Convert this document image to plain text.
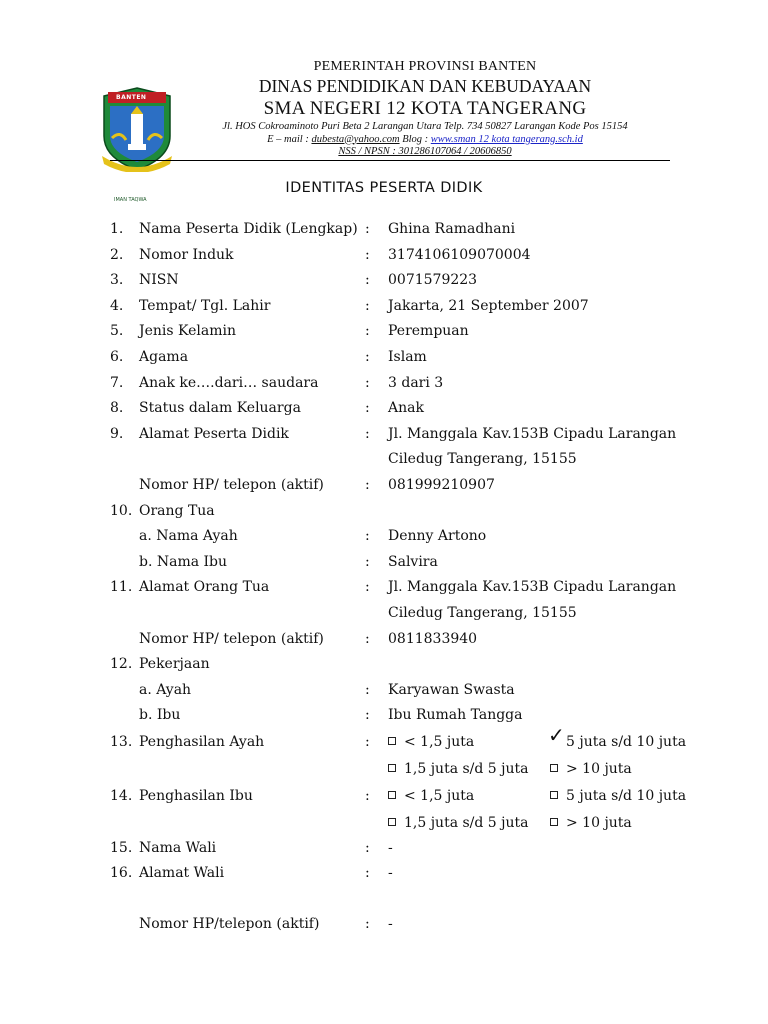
BANTEN
IMAN TAQWA
PEMERINTAH PROVINSI BANTEN
DINAS PENDIDIKAN DAN KEBUDAYAAN
SMA NEGERI 12 KOTA TANGERANG
Jl. HOS Cokroaminoto Puri Beta 2 Larangan Utara Telp. 734 50827 Larangan Kode Pos 15154
E – mail : dubesta@yahoo.com Blog : www.sman 12 kota tangerang.sch.id
NSS / NPSN : 301286107064 / 20606850
IDENTITAS PESERTA DIDIK
1. Nama Peserta Didik (Lengkap) : Ghina Ramadhani
2. Nomor Induk	: 3174106109070004
3. NISN	: 0071579223
4. Tempat/ Tgl. Lahir	: Jakarta, 21 September 2007
5. Jenis Kelamin	: Perempuan
6. Agama	: Islam
7. Anak ke….dari… saudara	: 3 dari 3
8. Status dalam Keluarga	: Anak
9. Alamat Peserta Didik	: Jl. Manggala Kav.153B Cipadu Larangan
Ciledug Tangerang, 15155
Nomor HP/ telepon (aktif)	: 081999210907
10. Orang Tua
a. Nama Ayah	: Denny Artono
b. Nama Ibu	: Salvira
11. Alamat Orang Tua	: Jl. Manggala Kav.153B Cipadu Larangan
Ciledug Tangerang, 15155
Nomor HP/ telepon (aktif)	: 0811833940
12. Pekerjaan
a. Ayah	: Karyawan Swasta
b. Ibu	: Ibu Rumah Tangga
13. Penghasilan Ayah	:	< 1,5 juta	✓ 5 juta s/d 10 juta
1,5 juta s/d 5 juta	> 10 juta
14. Penghasilan Ibu	:	< 1,5 juta	5 juta s/d 10 juta
1,5 juta s/d 5 juta	> 10 juta
15. Nama Wali	: -
16. Alamat Wali	: -
Nomor HP/telepon (aktif)	: -
